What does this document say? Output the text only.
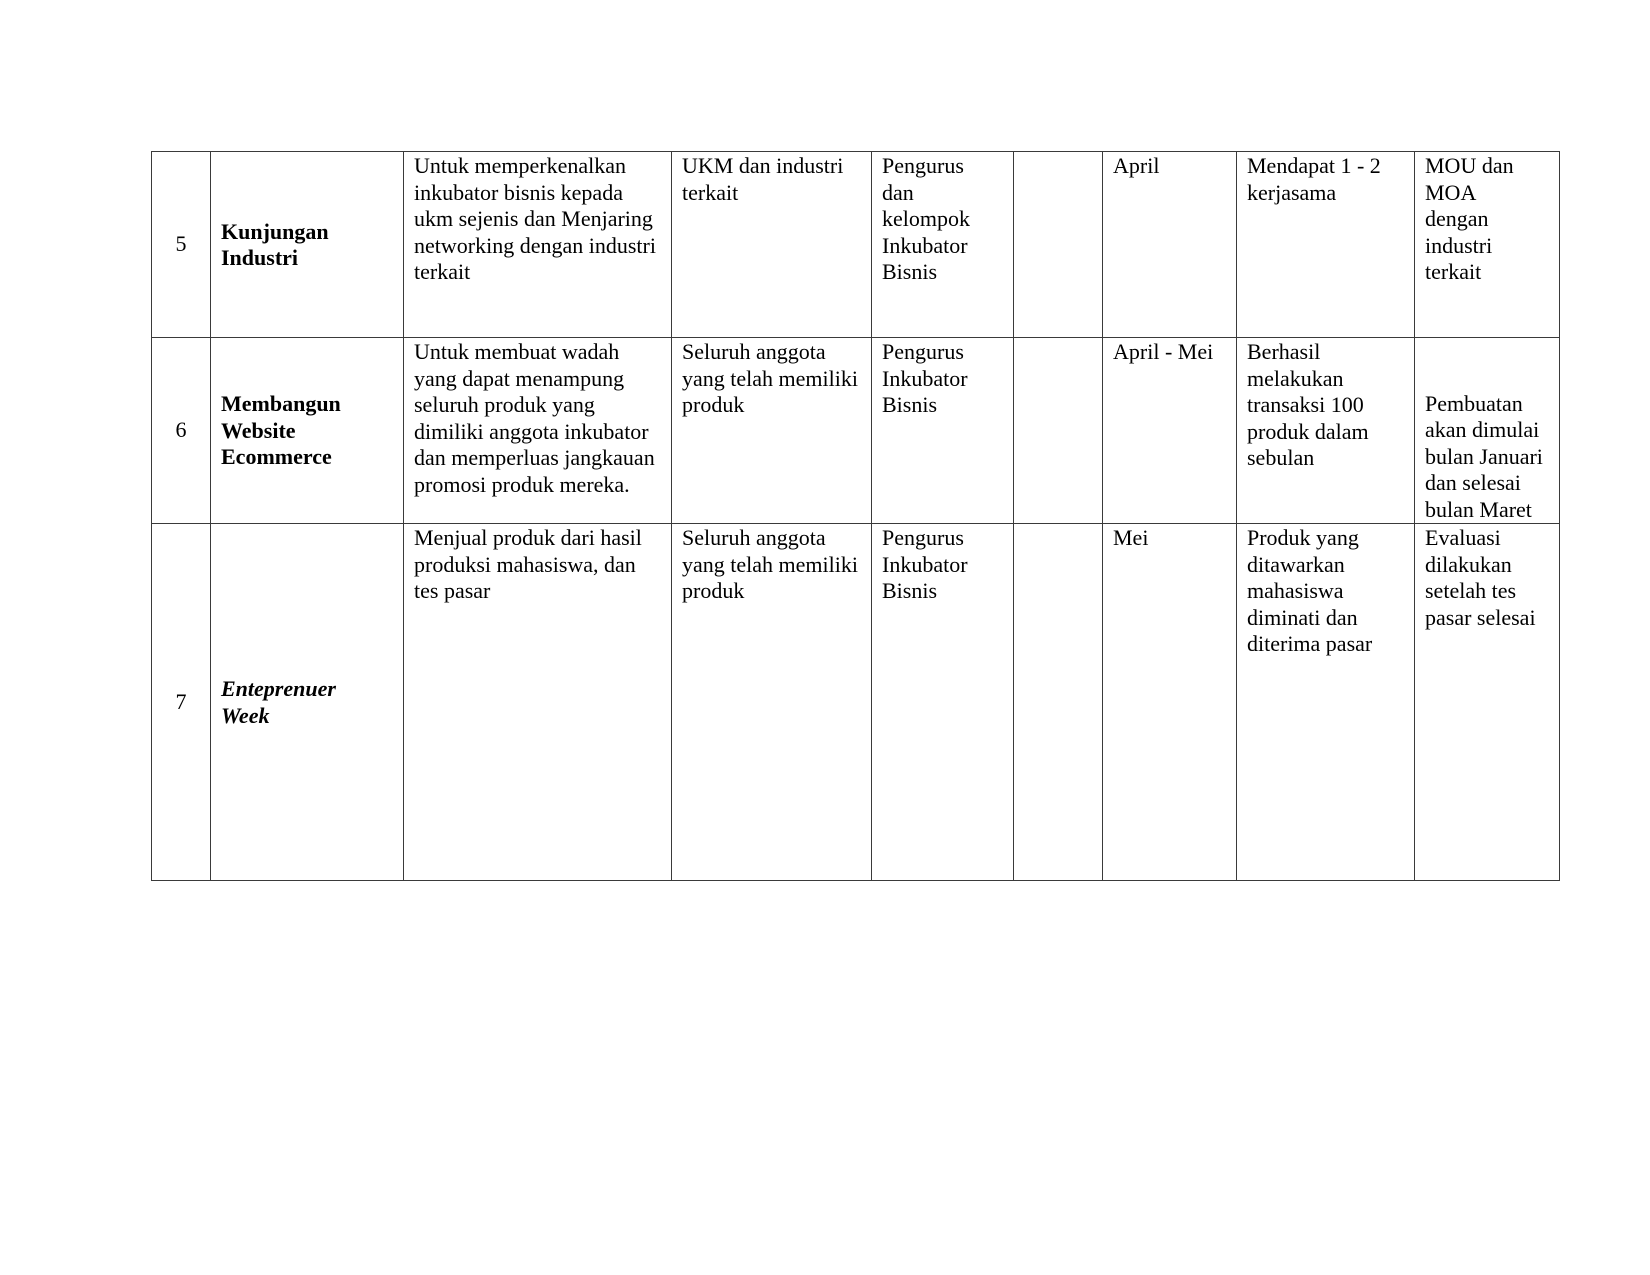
5	Kunjungan
Industri	Untuk memperkenalkan inkubator bisnis kepada ukm sejenis dan Menjaring networking dengan industri terkait	UKM dan industri terkait	Pengurus
dan
kelompok
Inkubator
Bisnis		April	Mendapat 1 - 2 kerjasama	MOU dan
MOA
dengan
industri
terkait

6	Membangun
Website
Ecommerce	Untuk membuat wadah yang dapat menampung seluruh produk yang dimiliki anggota inkubator dan memperluas jangkauan promosi produk mereka.	Seluruh anggota yang telah memiliki produk	Pengurus
Inkubator
Bisnis		April - Mei	Berhasil
melakukan
transaksi 100
produk dalam
sebulan	Pembuatan
akan dimulai
bulan Januari
dan selesai
bulan Maret

7	Enteprenuer
Week	Menjual produk dari hasil produksi mahasiswa, dan tes pasar	Seluruh anggota yang telah memiliki produk	Pengurus
Inkubator
Bisnis		Mei	Produk yang
ditawarkan
mahasiswa
diminati dan
diterima pasar	Evaluasi
dilakukan
setelah tes
pasar selesai
